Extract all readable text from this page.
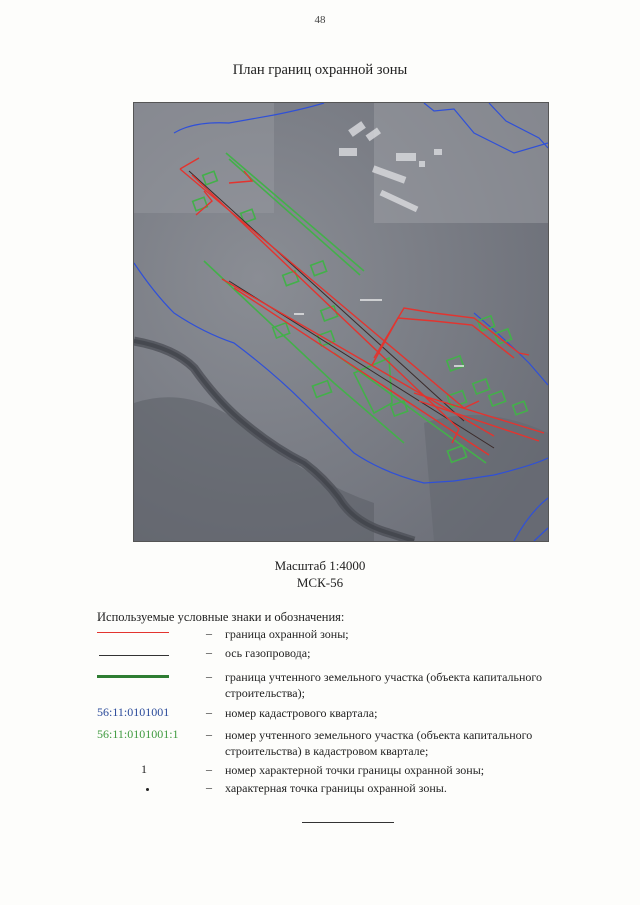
48
План границ охранной зоны
Масштаб 1:4000
МСК-56
Используемые условные знаки и обозначения:
– граница охранной зоны;
– ось газопровода;
– граница учтенного земельного участка (объекта капитального строительства);
56:11:0101001	– номер кадастрового квартала;
56:11:0101001:1	– номер учтенного земельного участка (объекта капитального строительства) в кадастровом квартале;
1	– номер характерной точки границы охранной зоны;
– характерная точка границы охранной зоны.
